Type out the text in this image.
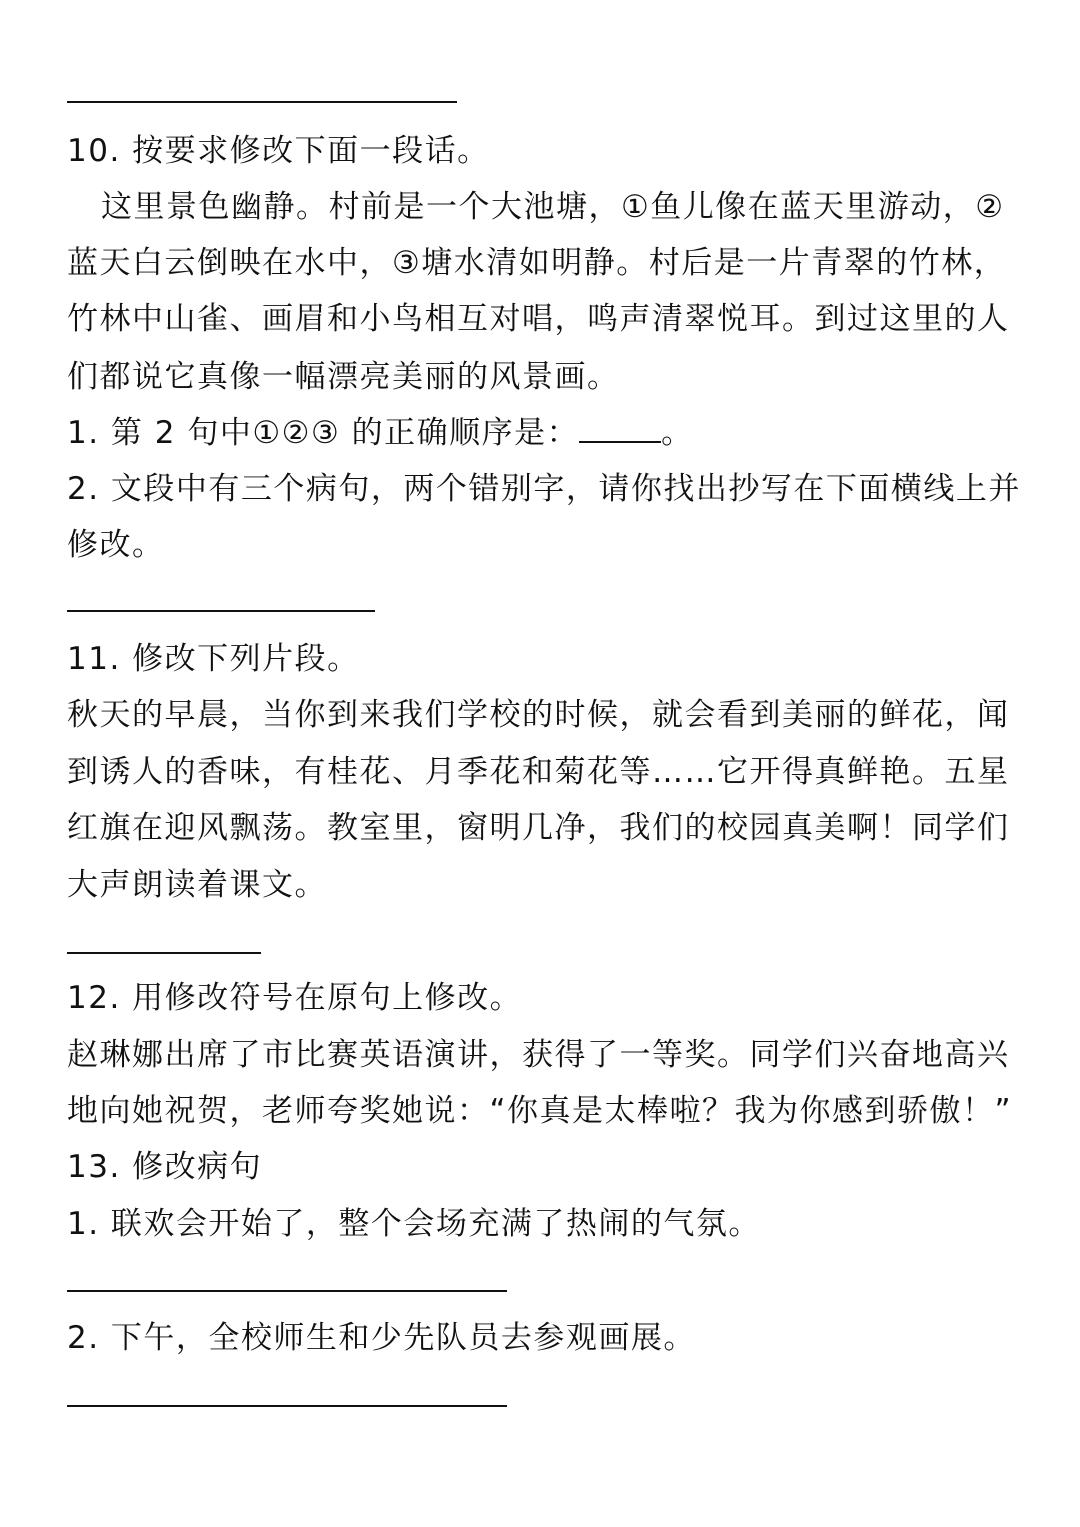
10. 按要求修改下面一段话。
这里景色幽静。村前是一个大池塘，①鱼儿像在蓝天里游动，②
蓝天白云倒映在水中，③塘水清如明静。村后是一片青翠的竹林，
竹林中山雀、画眉和小鸟相互对唱，鸣声清翠悦耳。到过这里的人
们都说它真像一幅漂亮美丽的风景画。
1. 第 2 句中①②③ 的正确顺序是：	。
2. 文段中有三个病句，两个错别字，请你找出抄写在下面横线上并
修改。
11. 修改下列片段。
秋天的早晨，当你到来我们学校的时候，就会看到美丽的鲜花，闻
到诱人的香味，有桂花、月季花和菊花等……它开得真鲜艳。五星
红旗在迎风飘荡。教室里，窗明几净，我们的校园真美啊！同学们
大声朗读着课文。
12. 用修改符号在原句上修改。
赵琳娜出席了市比赛英语演讲，获得了一等奖。同学们兴奋地高兴
地向她祝贺，老师夸奖她说：“你真是太棒啦？我为你感到骄傲！”
13. 修改病句
1. 联欢会开始了，整个会场充满了热闹的气氛。
2. 下午，全校师生和少先队员去参观画展。
